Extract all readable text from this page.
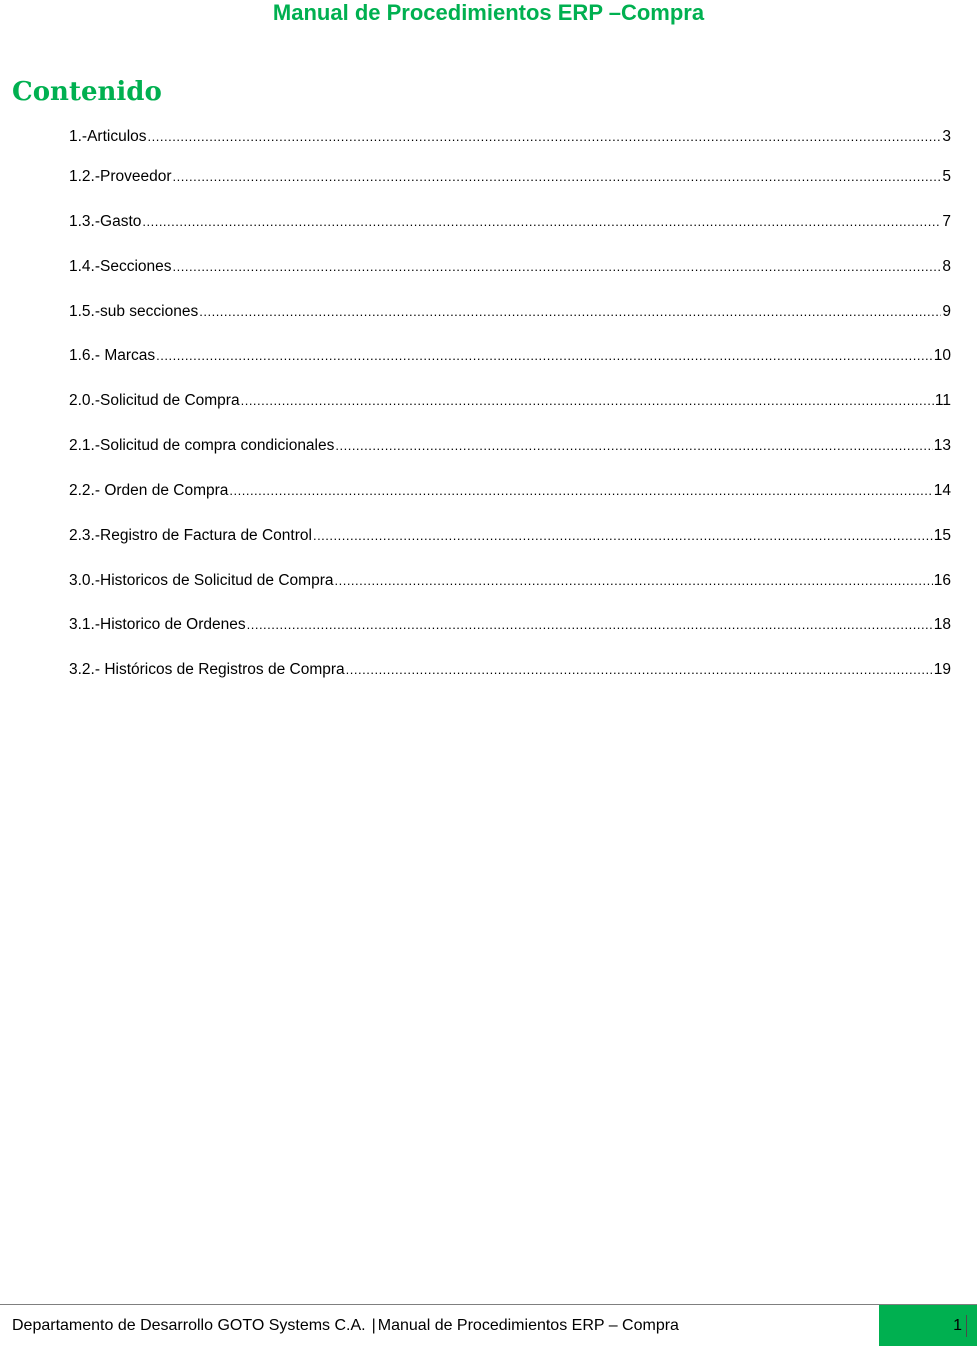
Manual de Procedimientos ERP –Compra
Contenido
1.-Articulos .....	3
1.2.-Proveedor .....	5
1.3.-Gasto .....	7
1.4.-Secciones .....	8
1.5.-sub secciones .....	9
1.6.- Marcas .....	10
2.0.-Solicitud de Compra .....	11
2.1.-Solicitud de compra condicionales .....	13
2.2.- Orden de Compra .....	14
2.3.-Registro de Factura de Control .....	15
3.0.-Historicos de Solicitud de Compra .....	16
3.1.-Historico de Ordenes .....	18
3.2.- Históricos de Registros de Compra .....	19
Departamento de Desarrollo GOTO Systems C.A. | Manual de Procedimientos ERP – Compra	1
